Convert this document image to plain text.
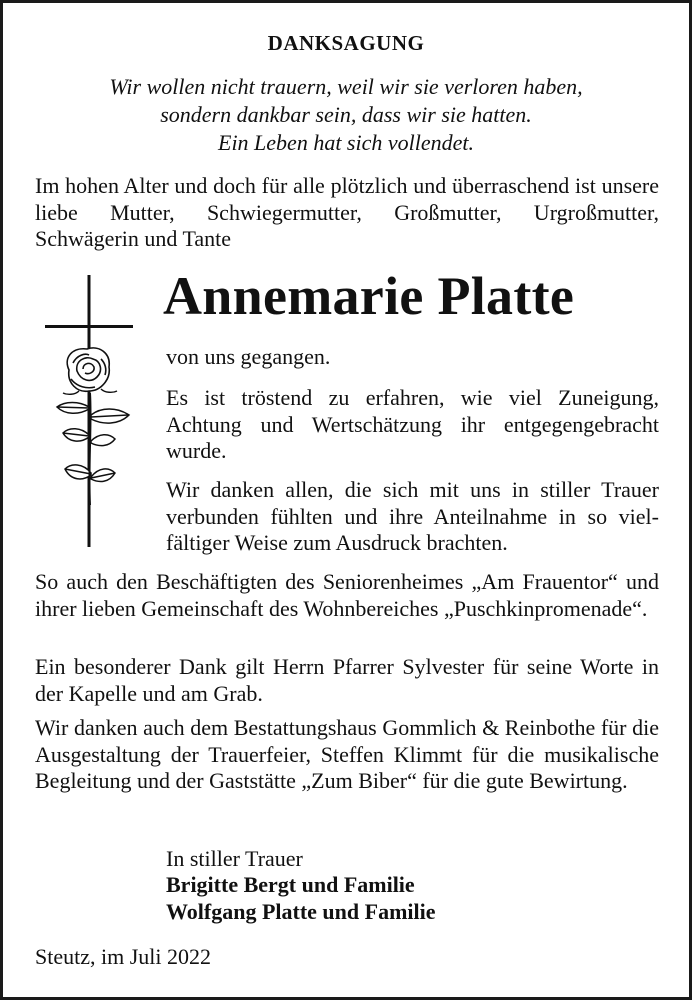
DANKSAGUNG
Wir wollen nicht trauern, weil wir sie verloren haben,
sondern dankbar sein, dass wir sie hatten.
Ein Leben hat sich vollendet.
Im hohen Alter und doch für alle plötzlich und überraschend ist unsere liebe Mutter, Schwiegermutter, Großmutter, Urgroßmutter, Schwägerin und Tante
Annemarie Platte
von uns gegangen.
Es ist tröstend zu erfahren, wie viel Zuneigung, Achtung und Wertschätzung ihr entgegengebracht wurde.
Wir danken allen, die sich mit uns in stiller Trauer verbunden fühlten und ihre Anteilnahme in so vielfältiger Weise zum Ausdruck brachten.
So auch den Beschäftigten des Seniorenheimes „Am Frauentor“ und ihrer lieben Gemeinschaft des Wohnbereiches „Puschkinpromenade“.
Ein besonderer Dank gilt Herrn Pfarrer Sylvester für seine Worte in der Kapelle und am Grab.
Wir danken auch dem Bestattungshaus Gommlich & Reinbothe für die Ausgestaltung der Trauerfeier, Steffen Klimmt für die musikalische Begleitung und der Gaststätte „Zum Biber“ für die gute Bewirtung.
In stiller Trauer
Brigitte Bergt und Familie
Wolfgang Platte und Familie
Steutz, im Juli 2022
